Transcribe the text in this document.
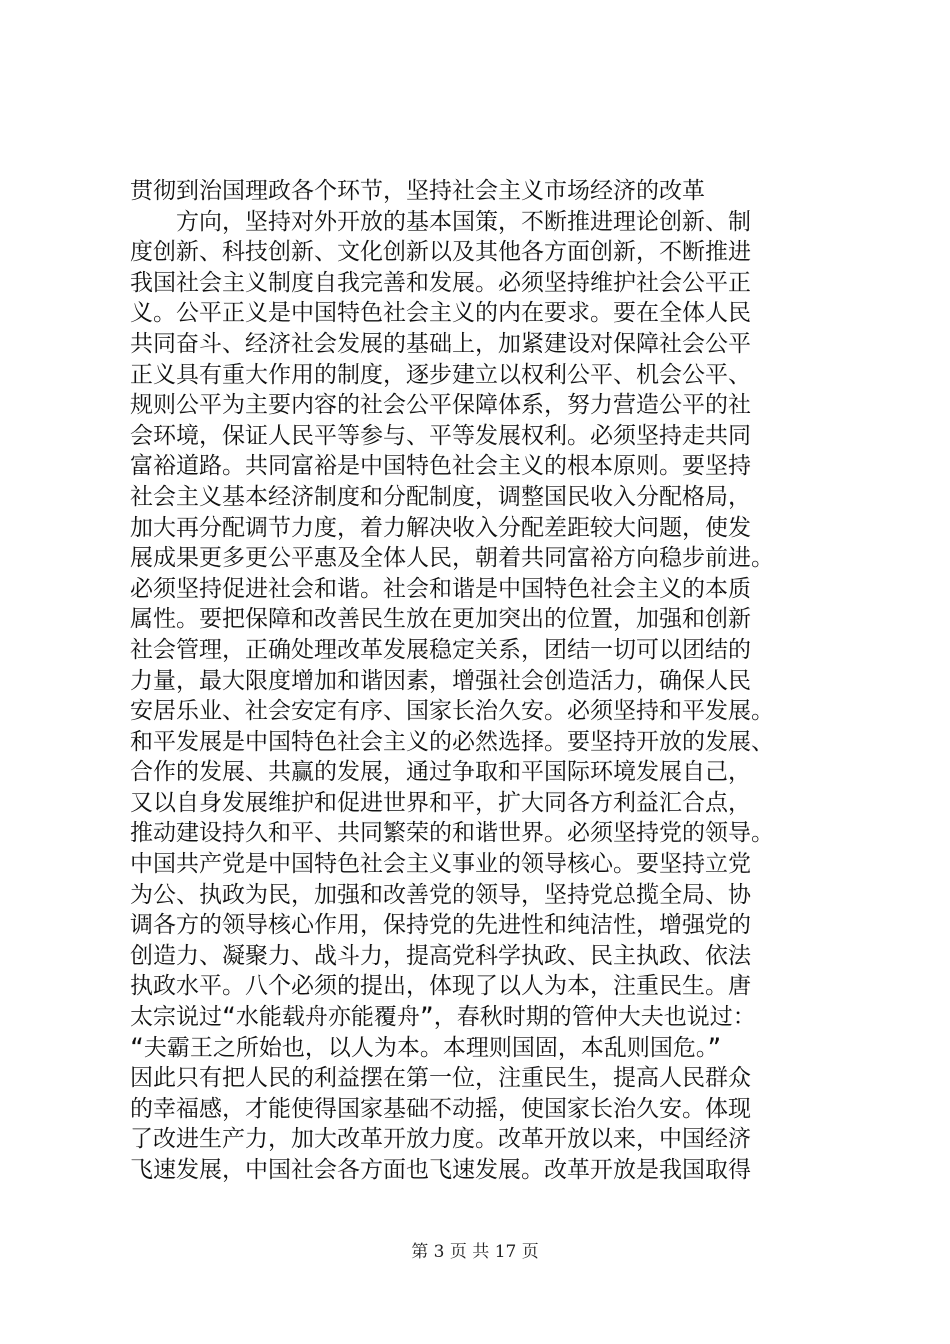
贯彻到治国理政各个环节，坚持社会主义市场经济的改革
方向，坚持对外开放的基本国策，不断推进理论创新、制
度创新、科技创新、文化创新以及其他各方面创新，不断推进
我国社会主义制度自我完善和发展。必须坚持维护社会公平正
义。公平正义是中国特色社会主义的内在要求。要在全体人民
共同奋斗、经济社会发展的基础上，加紧建设对保障社会公平
正义具有重大作用的制度，逐步建立以权利公平、机会公平、
规则公平为主要内容的社会公平保障体系，努力营造公平的社
会环境，保证人民平等参与、平等发展权利。必须坚持走共同
富裕道路。共同富裕是中国特色社会主义的根本原则。要坚持
社会主义基本经济制度和分配制度，调整国民收入分配格局，
加大再分配调节力度，着力解决收入分配差距较大问题，使发
展成果更多更公平惠及全体人民，朝着共同富裕方向稳步前进。
必须坚持促进社会和谐。社会和谐是中国特色社会主义的本质
属性。要把保障和改善民生放在更加突出的位置，加强和创新
社会管理，正确处理改革发展稳定关系，团结一切可以团结的
力量，最大限度增加和谐因素，增强社会创造活力，确保人民
安居乐业、社会安定有序、国家长治久安。必须坚持和平发展。
和平发展是中国特色社会主义的必然选择。要坚持开放的发展、
合作的发展、共赢的发展，通过争取和平国际环境发展自己，
又以自身发展维护和促进世界和平，扩大同各方利益汇合点，
推动建设持久和平、共同繁荣的和谐世界。必须坚持党的领导。
中国共产党是中国特色社会主义事业的领导核心。要坚持立党
为公、执政为民，加强和改善党的领导，坚持党总揽全局、协
调各方的领导核心作用，保持党的先进性和纯洁性，增强党的
创造力、凝聚力、战斗力，提高党科学执政、民主执政、依法
执政水平。八个必须的提出，体现了以人为本，注重民生。唐
太宗说过“水能载舟亦能覆舟”，春秋时期的管仲大夫也说过：
“夫霸王之所始也，以人为本。本理则国固，本乱则国危。”
因此只有把人民的利益摆在第一位，注重民生，提高人民群众
的幸福感，才能使得国家基础不动摇，使国家长治久安。体现
了改进生产力，加大改革开放力度。改革开放以来，中国经济
飞速发展，中国社会各方面也飞速发展。改革开放是我国取得
第 3 页 共 17 页
